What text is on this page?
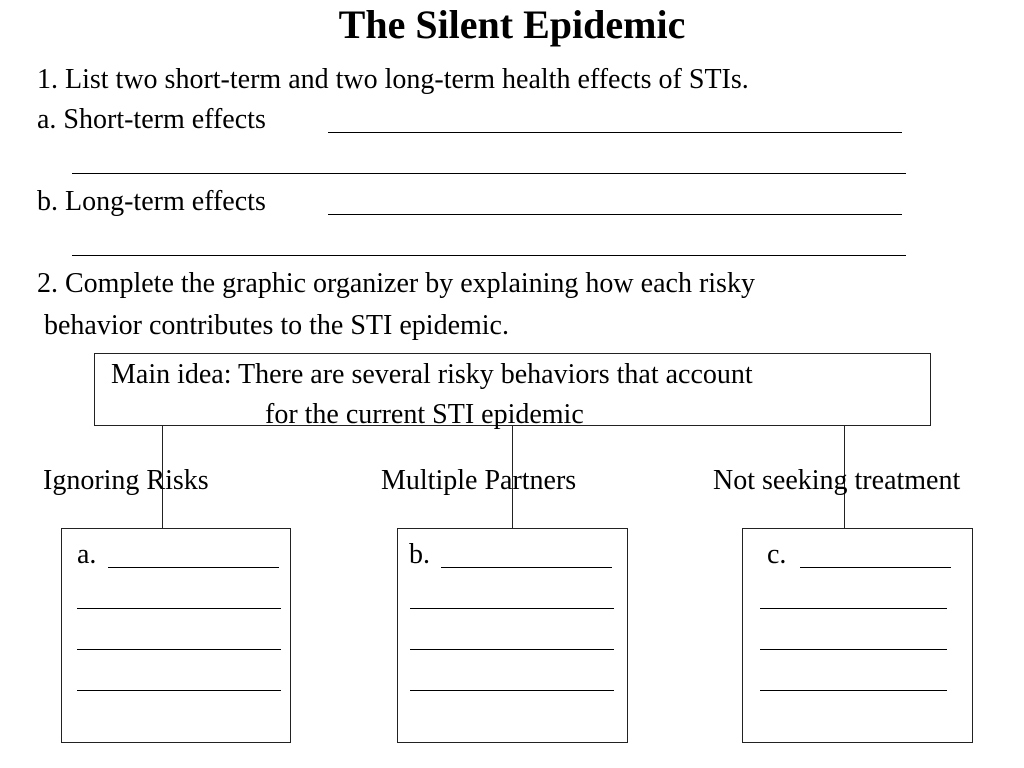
The Silent Epidemic
1. List two short-term and two long-term health effects of STIs.
a. Short-term effects
b. Long-term effects
2. Complete the graphic organizer by explaining how each risky
behavior contributes to the STI epidemic.
Main idea: There are several risky behaviors that account
for the current STI epidemic
Ignoring Risks	Multiple Partners	Not seeking treatment
a.	b.	c.
